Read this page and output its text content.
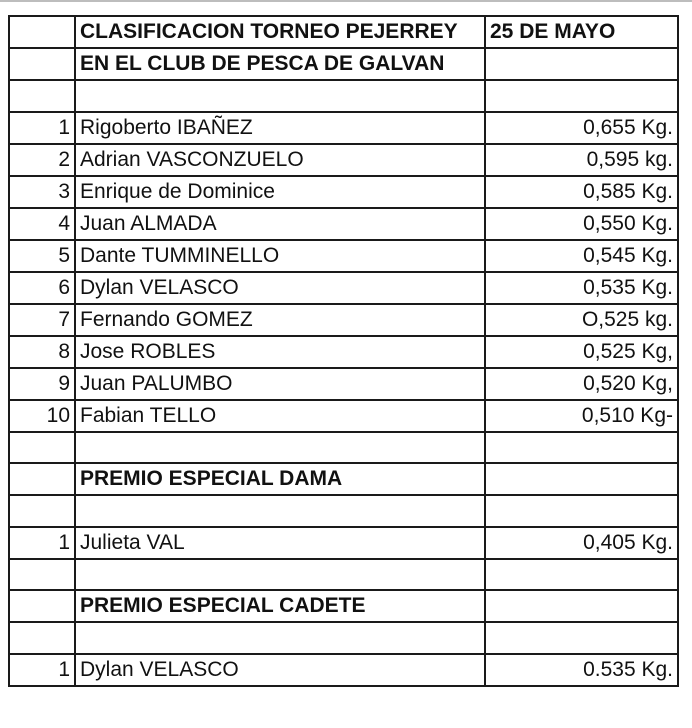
	CLASIFICACION TORNEO PEJERREY	25 DE MAYO
	EN EL CLUB DE PESCA DE GALVAN	

1	Rigoberto IBAÑEZ	0,655 Kg.
2	Adrian VASCONZUELO	0,595 kg.
3	Enrique de Dominice	0,585 Kg.
4	Juan ALMADA	0,550 Kg.
5	Dante TUMMINELLO	0,545 Kg.
6	Dylan VELASCO	0,535 Kg.
7	Fernando GOMEZ	O,525 kg.
8	Jose ROBLES	0,525 Kg,
9	Juan PALUMBO	0,520 Kg,
10	Fabian TELLO	0,510 Kg-

	PREMIO ESPECIAL DAMA	

1	Julieta VAL	0,405 Kg.

	PREMIO ESPECIAL CADETE	

1	Dylan VELASCO	0.535 Kg.
